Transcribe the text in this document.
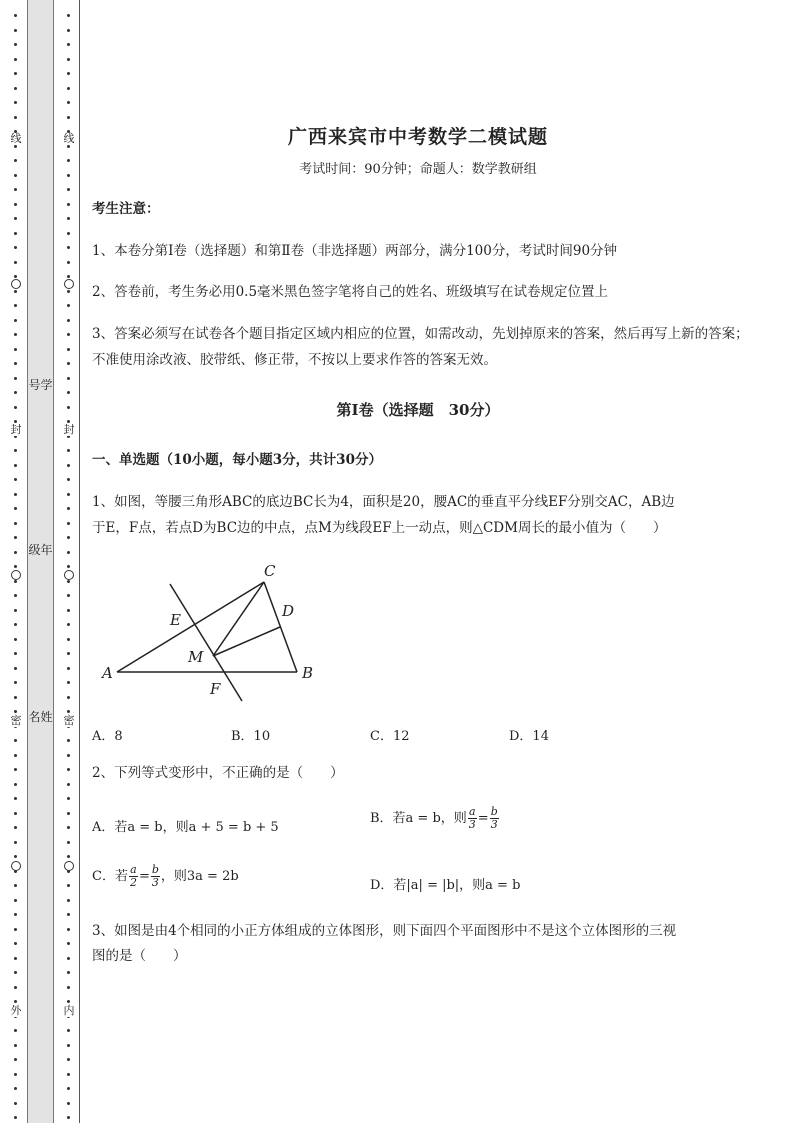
号学
级年
名姓
线
封
密
外
线
封
密
内
广西来宾市中考数学二模试题
考试时间：90分钟；命题人：数学教研组
考生注意：
1、本卷分第I卷（选择题）和第Ⅱ卷（非选择题）两部分，满分100分，考试时间90分钟
2、答卷前，考生务必用0.5毫米黑色签字笔将自己的姓名、班级填写在试卷规定位置上
3、答案必须写在试卷各个题目指定区域内相应的位置，如需改动，先划掉原来的答案，然后再写上新的答案；不准使用涂改液、胶带纸、修正带，不按以上要求作答的答案无效。
第I卷（选择题　30分）
一、单选题（10小题，每小题3分，共计30分）
1、如图，等腰三角形ABC的底边BC长为4，面积是20，腰AC的垂直平分线EF分别交AC，AB边
于E，F点，若点D为BC边的中点，点M为线段EF上一动点，则△CDM周长的最小值为（　　）
A	B
C
D
E
F
M
A．8	B．10	C．12	D．14
2、下列等式变形中，不正确的是（　　）
A．若a = b，则a + 5 = b + 5
B．若a = b，则 $\frac{a}{3} = \frac{b}{3}$
C．若 $\frac{a}{2} = \frac{b}{3}$ ，则3a = 2b
D．若|a| = |b|，则a = b
3、如图是由4个相同的小正方体组成的立体图形，则下面四个平面图形中不是这个立体图形的三视
图的是（　　）
